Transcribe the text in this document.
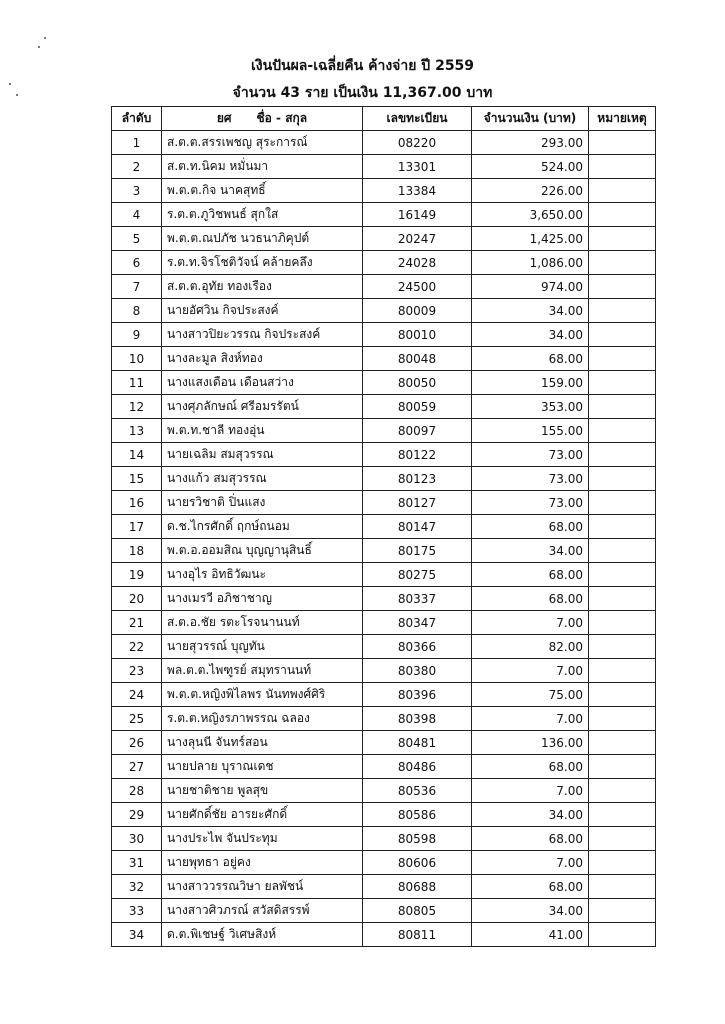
เงินปันผล-เฉลี่ยคืน ค้างจ่าย ปี 2559
จำนวน 43 ราย เป็นเงิน 11,367.00 บาท
ลำดับ	ยศ      ชื่อ - สกุล	เลขทะเบียน	จำนวนเงิน (บาท)	หมายเหตุ
1	ส.ต.ต.สรรเพชญ สุระการณ์	08220	293.00	
2	ส.ต.ท.นิคม หมั่นมา	13301	524.00	
3	พ.ต.ต.กิจ นาคสุทธิ์	13384	226.00	
4	ร.ต.ต.ภูวิชพนธ์ สุกใส	16149	3,650.00	
5	พ.ต.ต.ณปภัช นวธนาภิคุปต์	20247	1,425.00	
6	ร.ต.ท.จิรโชติวัจน์ คล้ายคลึง	24028	1,086.00	
7	ส.ต.ต.อุทัย ทองเรือง	24500	974.00	
8	นายอัศวิน กิจประสงค์	80009	34.00	
9	นางสาวปิยะวรรณ กิจประสงค์	80010	34.00	
10	นางละมูล สิงห์ทอง	80048	68.00	
11	นางแสงเดือน เดือนสว่าง	80050	159.00	
12	นางศุภลักษณ์ ศรีอมรรัตน์	80059	353.00	
13	พ.ต.ท.ชาลี ทองอุ่น	80097	155.00	
14	นายเฉลิม สมสุวรรณ	80122	73.00	
15	นางแก้ว สมสุวรรณ	80123	73.00	
16	นายรวิชาติ ปิ่นแสง	80127	73.00	
17	ด.ช.ไกรศักดิ์ ฤกษ์ถนอม	80147	68.00	
18	พ.ต.อ.ออมสิณ บุญญานุสินธิ์	80175	34.00	
19	นางอุไร อิทธิวัฒนะ	80275	68.00	
20	นางเมรวี อภิชาชาญ	80337	68.00	
21	ส.ต.อ.ชัย รตะโรจนานนท์	80347	7.00	
22	นายสุวรรณ์ บุญทัน	80366	82.00	
23	พล.ต.ต.ไพฑูรย์ สมุทรานนท์	80380	7.00	
24	พ.ต.ต.หญิงพิไลพร นันทพงศ์ศิริ	80396	75.00	
25	ร.ต.ต.หญิงรภาพรรณ ฉลอง	80398	7.00	
26	นางลุนนี จันทร์สอน	80481	136.00	
27	นายปลาย บุราณเดช	80486	68.00	
28	นายชาติชาย พูลสุข	80536	7.00	
29	นายศักดิ์ชัย อารยะศักดิ์	80586	34.00	
30	นางประไพ จันประทุม	80598	68.00	
31	นายพุทธา อยู่คง	80606	7.00	
32	นางสาววรรณวิษา ยลพัชน์	80688	68.00	
33	นางสาวศิวภรณ์ สวัสดิสรรพ์	80805	34.00	
34	ด.ต.พิเชษฐ์ วิเศษสิงห์	80811	41.00	
